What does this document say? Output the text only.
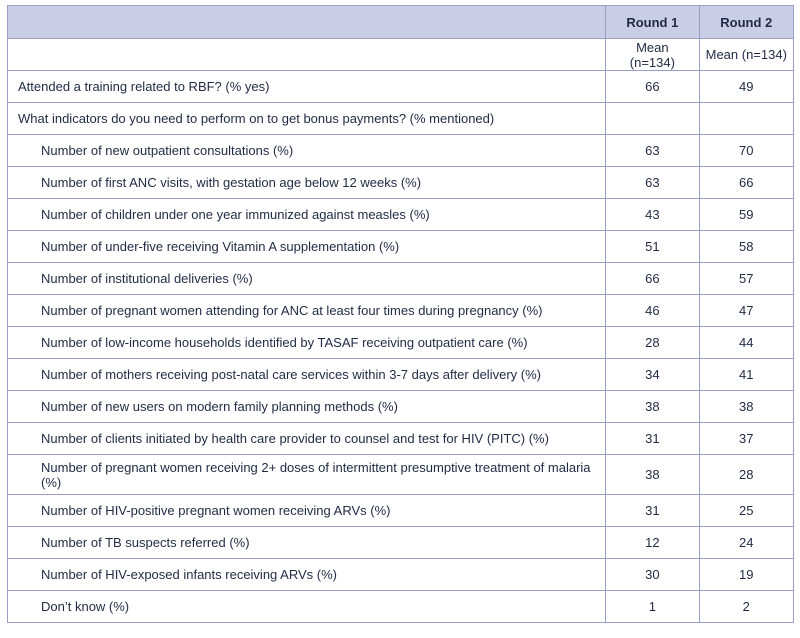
	Round 1	Round 2
	Mean (n=134)	Mean (n=134)
Attended a training related to RBF? (% yes)	66	49
What indicators do you need to perform on to get bonus payments? (% mentioned)		
Number of new outpatient consultations (%)	63	70
Number of first ANC visits, with gestation age below 12 weeks (%)	63	66
Number of children under one year immunized against measles (%)	43	59
Number of under-five receiving Vitamin A supplementation (%)	51	58
Number of institutional deliveries (%)	66	57
Number of pregnant women attending for ANC at least four times during pregnancy (%)	46	47
Number of low-income households identified by TASAF receiving outpatient care (%)	28	44
Number of mothers receiving post-natal care services within 3-7 days after delivery (%)	34	41
Number of new users on modern family planning methods (%)	38	38
Number of clients initiated by health care provider to counsel and test for HIV (PITC) (%)	31	37
Number of pregnant women receiving 2+ doses of intermittent presumptive treatment of malaria (%)	38	28
Number of HIV-positive pregnant women receiving ARVs (%)	31	25
Number of TB suspects referred (%)	12	24
Number of HIV-exposed infants receiving ARVs (%)	30	19
Don’t know (%)	1	2
